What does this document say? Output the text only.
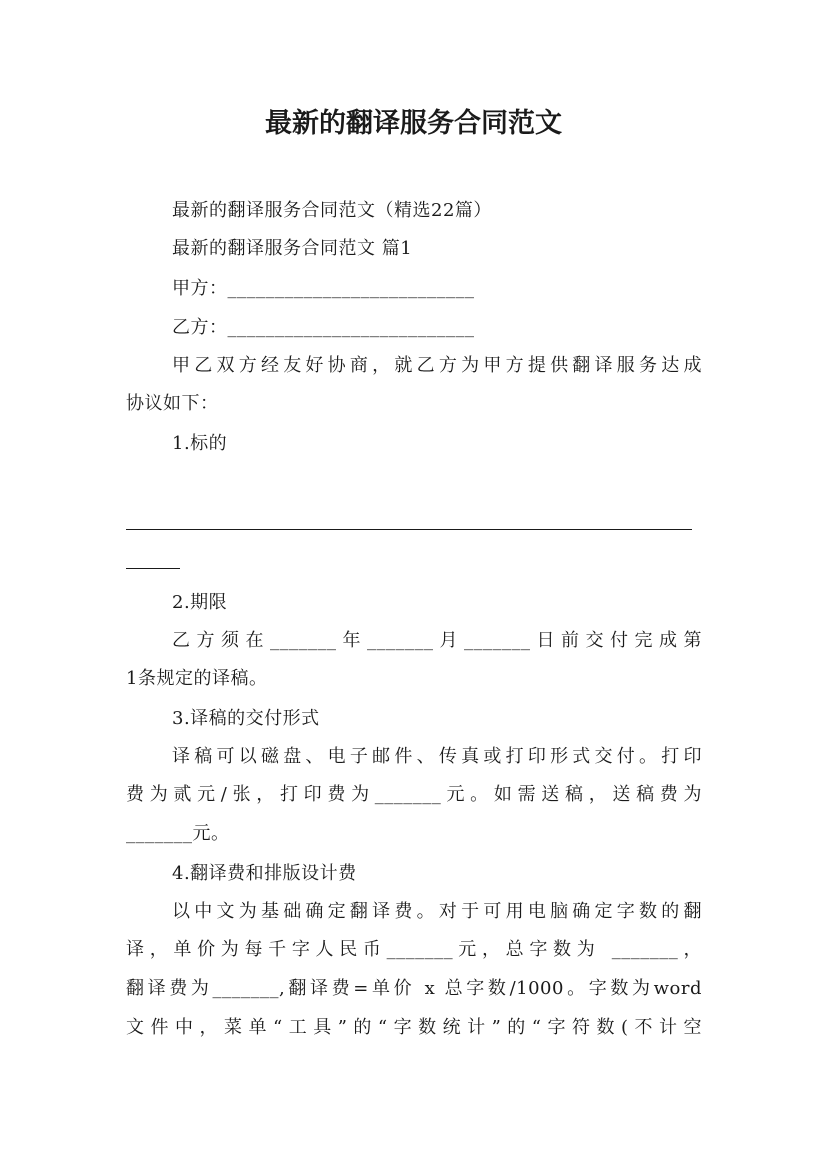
最新的翻译服务合同范文
最新的翻译服务合同范文（精选22篇）
最新的翻译服务合同范文 篇1
甲方：__________________________
乙方：__________________________
甲乙双方经友好协商，就乙方为甲方提供翻译服务达成
协议如下：
1.标的
2.期限
乙方须在_______年_______月_______日前交付完成第
1条规定的译稿。
3.译稿的交付形式
译稿可以磁盘、电子邮件、传真或打印形式交付。打印
费为贰元/张，打印费为_______元。如需送稿，送稿费为
_______元。
4.翻译费和排版设计费
以中文为基础确定翻译费。对于可用电脑确定字数的翻
译，单价为每千字人民币_______元，总字数为 _______，
翻译费为_______,翻译费=单价 x 总字数/1000。字数为word
文件中，菜单“工具”的“字数统计”的“字符数(不计空
